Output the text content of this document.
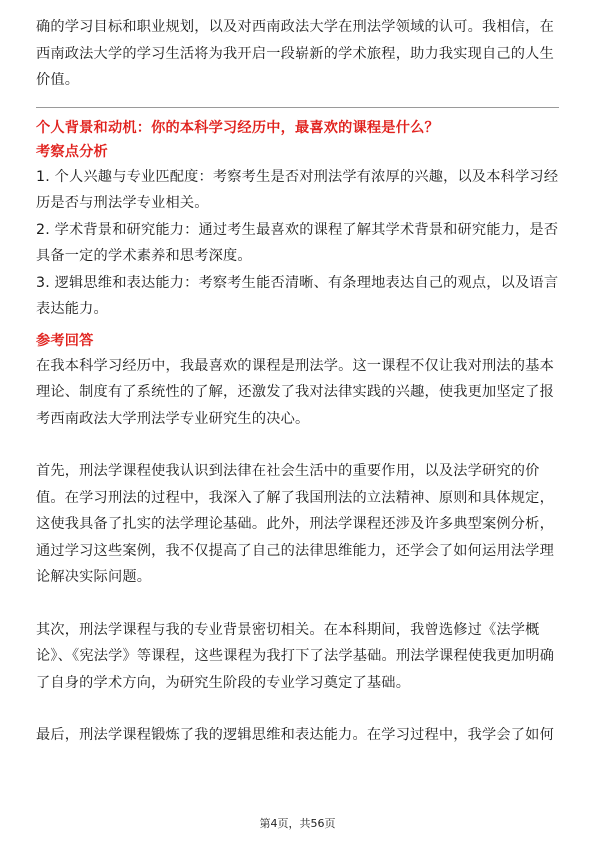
确的学习目标和职业规划，以及对西南政法大学在刑法学领域的认可。我相信，在西南政法大学的学习生活将为我开启一段崭新的学术旅程，助力我实现自己的人生价值。

个人背景和动机：你的本科学习经历中，最喜欢的课程是什么？

考察点分析

1. 个人兴趣与专业匹配度：考察考生是否对刑法学有浓厚的兴趣，以及本科学习经历是否与刑法学专业相关。

2. 学术背景和研究能力：通过考生最喜欢的课程了解其学术背景和研究能力，是否具备一定的学术素养和思考深度。

3. 逻辑思维和表达能力：考察考生能否清晰、有条理地表达自己的观点，以及语言表达能力。

参考回答

在我本科学习经历中，我最喜欢的课程是刑法学。这一课程不仅让我对刑法的基本理论、制度有了系统性的了解，还激发了我对法律实践的兴趣，使我更加坚定了报考西南政法大学刑法学专业研究生的决心。

首先，刑法学课程使我认识到法律在社会生活中的重要作用，以及法学研究的价值。在学习刑法的过程中，我深入了解了我国刑法的立法精神、原则和具体规定，这使我具备了扎实的法学理论基础。此外，刑法学课程还涉及许多典型案例分析，通过学习这些案例，我不仅提高了自己的法律思维能力，还学会了如何运用法学理论解决实际问题。

其次，刑法学课程与我的专业背景密切相关。在本科期间，我曾选修过《法学概论》、《宪法学》等课程，这些课程为我打下了法学基础。刑法学课程使我更加明确了自身的学术方向，为研究生阶段的专业学习奠定了基础。

最后，刑法学课程锻炼了我的逻辑思维和表达能力。在学习过程中，我学会了如何

第4页，共56页
